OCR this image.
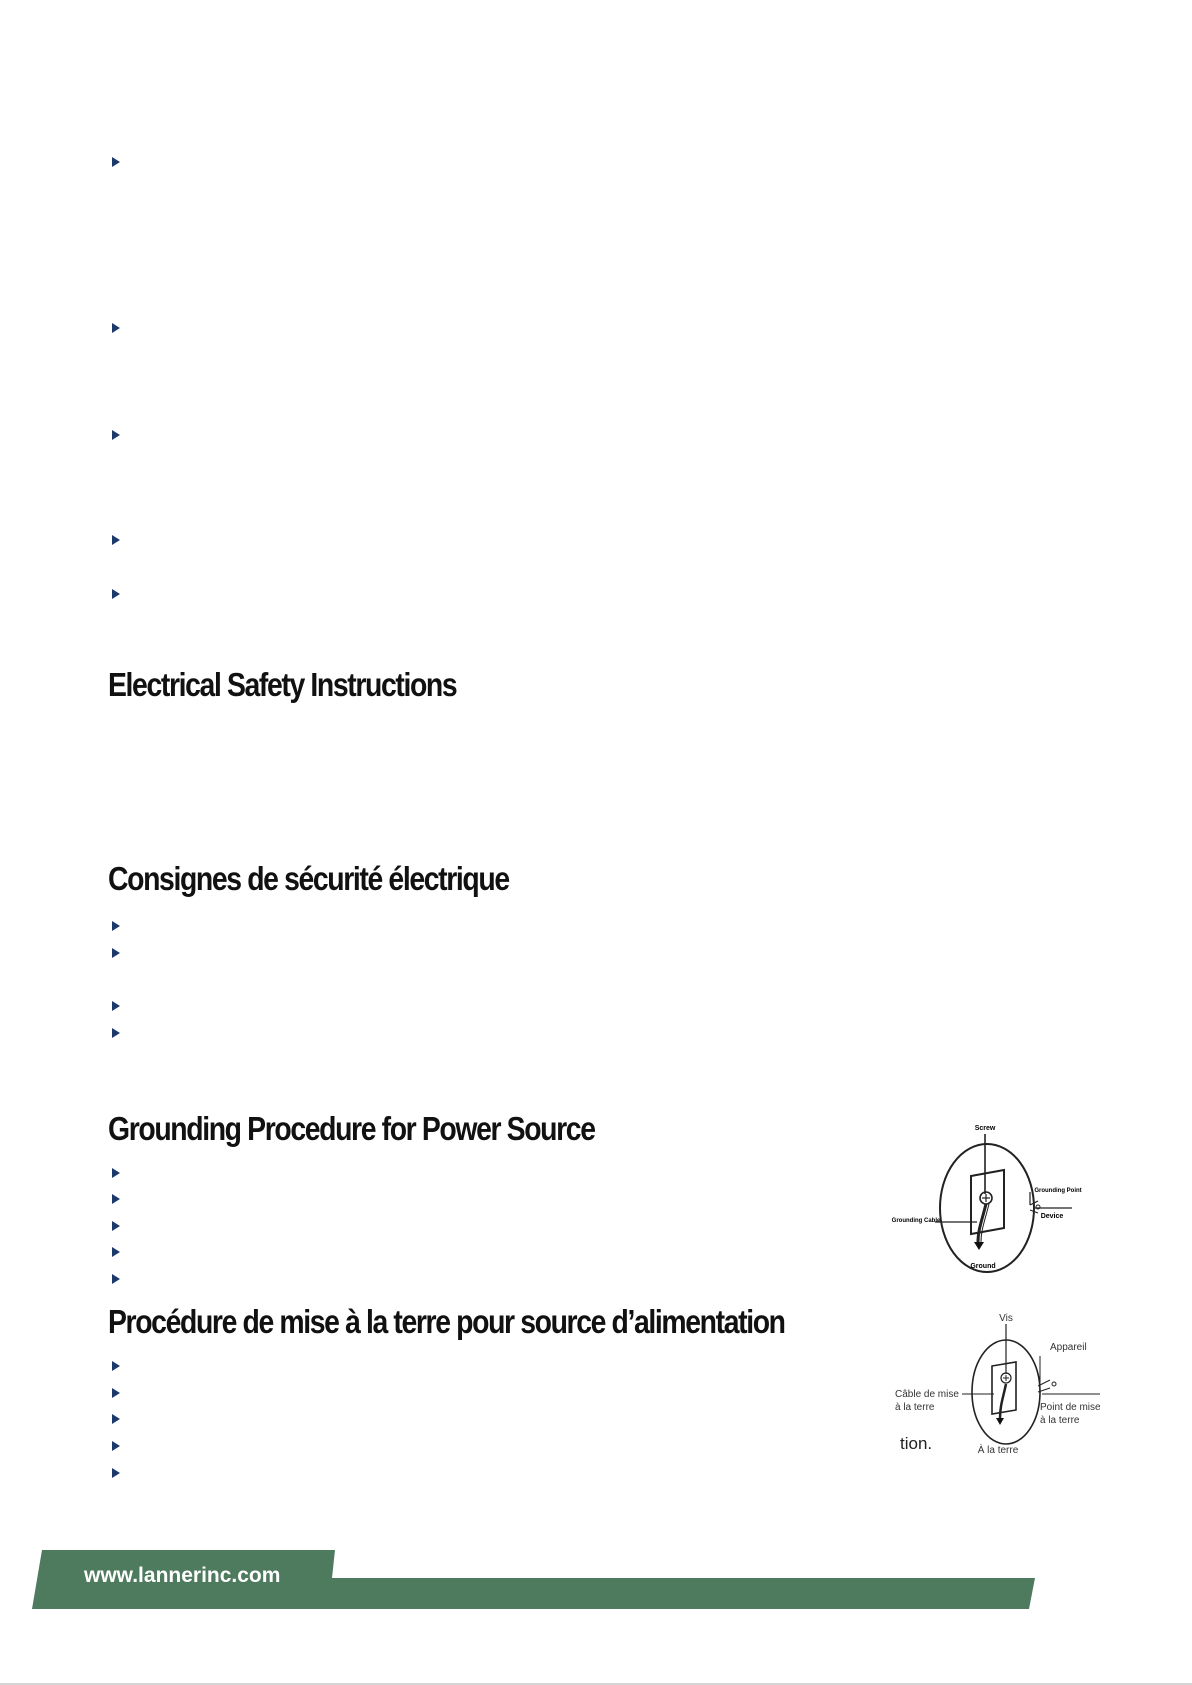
Electrical Safety Instructions
Consignes de sécurité électrique
Grounding Procedure for Power Source
Procédure de mise à la terre pour source d’alimentation
Screw
Grounding Point
Device
Grounding Cable
Ground
Vis
Appareil
Câble de mise
à la terre	Point de mise
à la terre
À la terre
tion.
www.lannerinc.com
